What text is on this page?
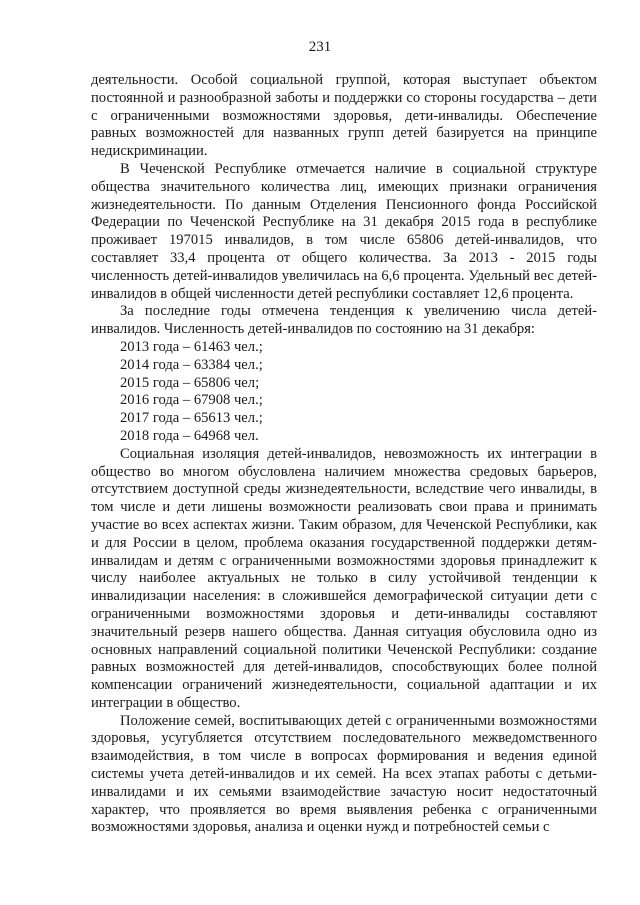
231

деятельности. Особой социальной группой, которая выступает объектом постоянной и разнообразной заботы и поддержки со стороны государства – дети с ограниченными возможностями здоровья, дети-инвалиды. Обеспечение равных возможностей для названных групп детей базируется на принципе недискриминации.

В Чеченской Республике отмечается наличие в социальной структуре общества значительного количества лиц, имеющих признаки ограничения жизнедеятельности. По данным Отделения Пенсионного фонда Российской Федерации по Чеченской Республике на 31 декабря 2015 года в республике проживает 197015 инвалидов, в том числе 65806 детей-инвалидов, что составляет 33,4 процента от общего количества. За 2013 - 2015 годы численность детей-инвалидов увеличилась на 6,6 процента. Удельный вес детей-инвалидов в общей численности детей республики составляет 12,6 процента.

За последние годы отмечена тенденция к увеличению числа детей-инвалидов. Численность детей-инвалидов по состоянию на 31 декабря:

2013 года – 61463 чел.;
2014 года – 63384 чел.;
2015 года – 65806 чел;
2016 года – 67908 чел.;
2017 года – 65613 чел.;
2018 года – 64968 чел.

Социальная изоляция детей-инвалидов, невозможность их интеграции в общество во многом обусловлена наличием множества средовых барьеров, отсутствием доступной среды жизнедеятельности, вследствие чего инвалиды, в том числе и дети лишены возможности реализовать свои права и принимать участие во всех аспектах жизни. Таким образом, для Чеченской Республики, как и для России в целом, проблема оказания государственной поддержки детям-инвалидам и детям с ограниченными возможностями здоровья принадлежит к числу наиболее актуальных не только в силу устойчивой тенденции к инвалидизации населения: в сложившейся демографической ситуации дети с ограниченными возможностями здоровья и дети-инвалиды составляют значительный резерв нашего общества. Данная ситуация обусловила одно из основных направлений социальной политики Чеченской Республики: создание равных возможностей для детей-инвалидов, способствующих более полной компенсации ограничений жизнедеятельности, социальной адаптации и их интеграции в общество.

Положение семей, воспитывающих детей с ограниченными возможностями здоровья, усугубляется отсутствием последовательного межведомственного взаимодействия, в том числе в вопросах формирования и ведения единой системы учета детей-инвалидов и их семей. На всех этапах работы с детьми-инвалидами и их семьями взаимодействие зачастую носит недостаточный характер, что проявляется во время выявления ребенка с ограниченными возможностями здоровья, анализа и оценки нужд и потребностей семьи с
